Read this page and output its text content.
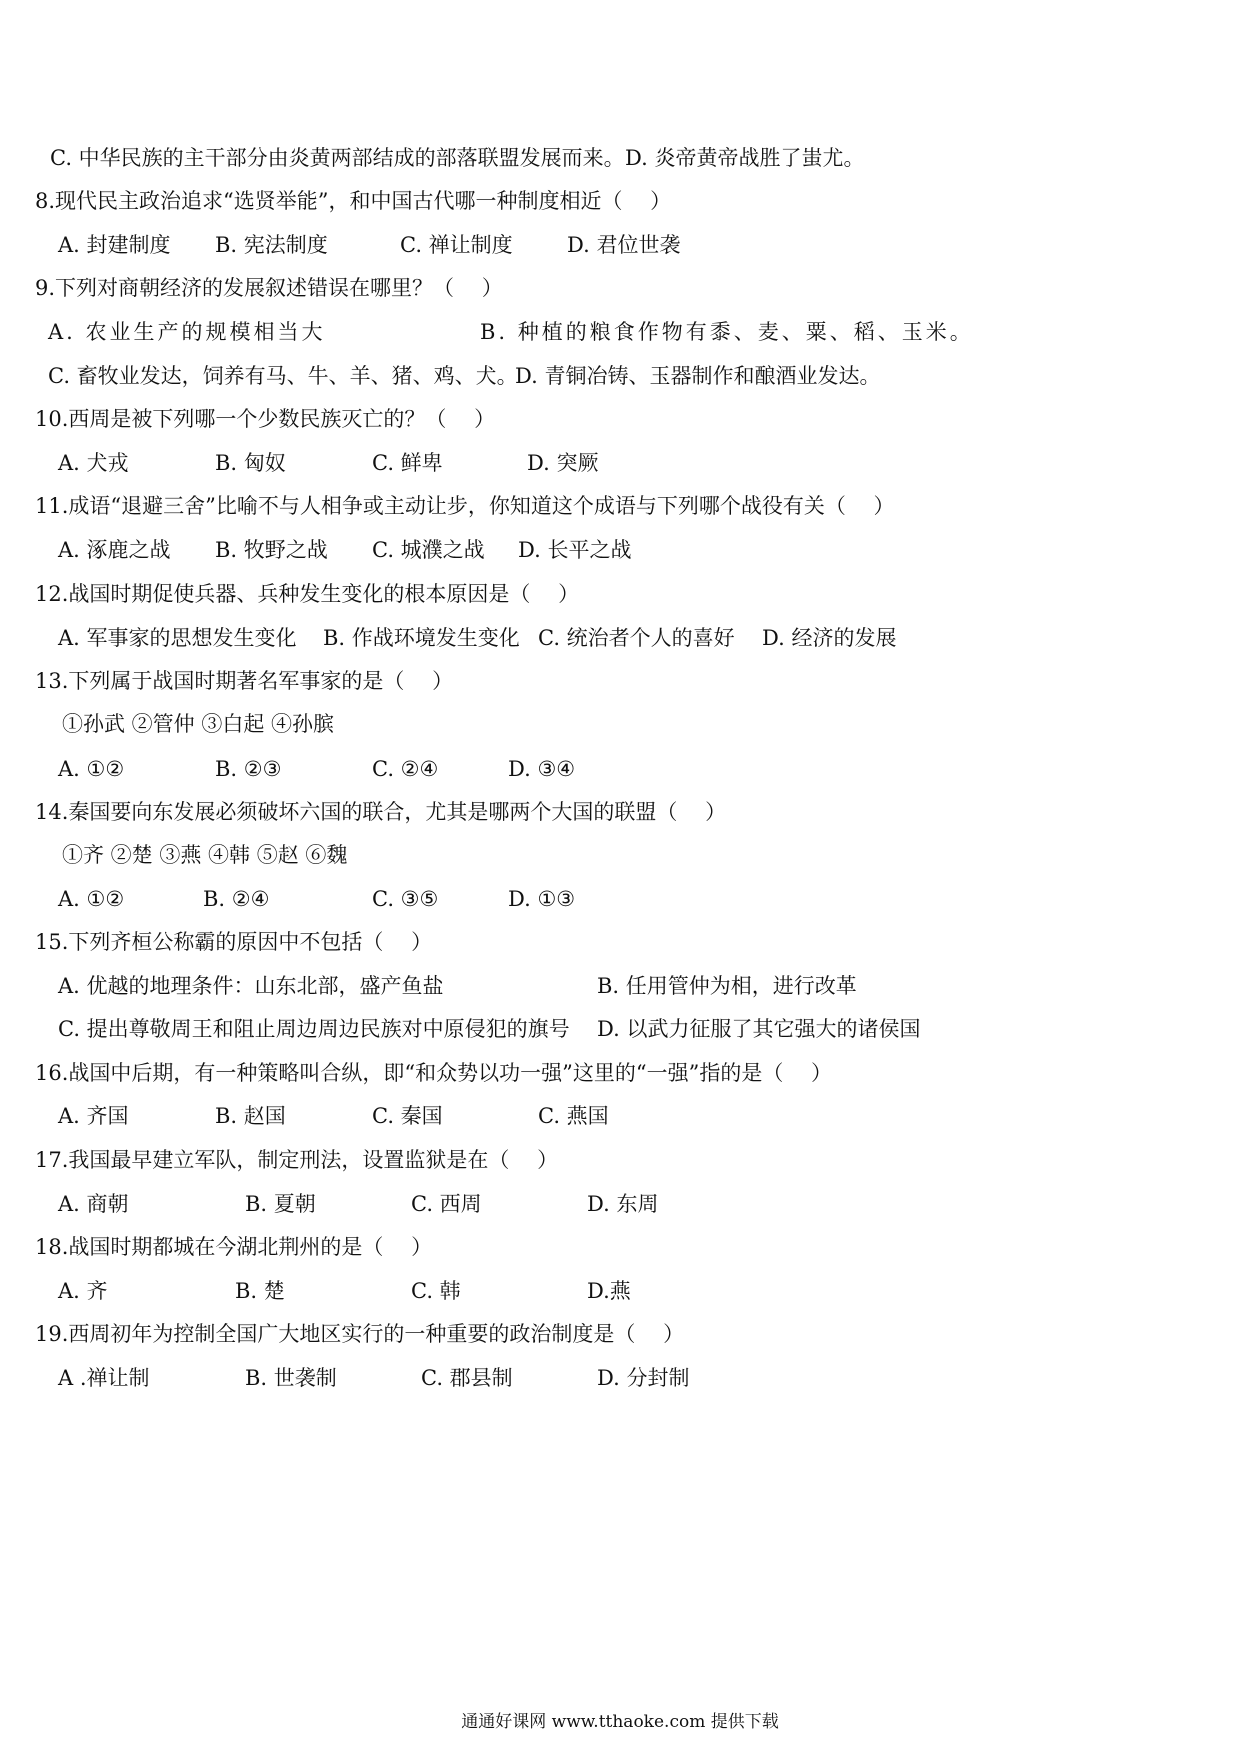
C. 中华民族的主干部分由炎黄两部结成的部落联盟发展而来。 D. 炎帝黄帝战胜了蚩尤。
8.现代民主政治追求“选贤举能”，和中国古代哪一种制度相近（　 ）
A. 封建制度 B. 宪法制度	C. 禅让制度	D. 君位世袭
9.下列对商朝经济的发展叙述错误在哪里？（　 ）
A. 农业生产的规模相当大	B. 种植的粮食作物有黍、麦、粟、稻、玉米。
C. 畜牧业发达，饲养有马、牛、羊、猪、鸡、犬。
D. 青铜冶铸、玉器制作和酿酒业发达。
10.西周是被下列哪一个少数民族灭亡的？（　 ）
A. 犬戎	B. 匈奴	C. 鲜卑	D. 突厥
11.成语“退避三舍”比喻不与人相争或主动让步，你知道这个成语与下列哪个战役有关（　 ）
A. 涿鹿之战 B. 牧野之战 C. 城濮之战 D. 长平之战
12.战国时期促使兵器、兵种发生变化的根本原因是（　 ）
A. 军事家的思想发生变化 B. 作战环境发生变化 C. 统治者个人的喜好 D. 经济的发展
13.下列属于战国时期著名军事家的是（　 ）
①孙武 ②管仲 ③白起 ④孙膑
A. ①②	B. ②③	C. ②④	D. ③④
14.秦国要向东发展必须破坏六国的联合，尤其是哪两个大国的联盟（　 ）
①齐 ②楚 ③燕 ④韩 ⑤赵 ⑥魏
A. ①②	B. ②④	C. ③⑤	D. ①③
15.下列齐桓公称霸的原因中不包括（　 ）
A. 优越的地理条件：山东北部，盛产鱼盐	B. 任用管仲为相，进行改革
C. 提出尊敬周王和阻止周边周边民族对中原侵犯的旗号 D. 以武力征服了其它强大的诸侯国
16.战国中后期，有一种策略叫合纵，即“和众势以功一强”这里的“一强”指的是（　 ）
A. 齐国	B. 赵国	C. 秦国	C. 燕国
17.我国最早建立军队，制定刑法，设置监狱是在（　 ）
A. 商朝	B. 夏朝	C. 西周	D. 东周
18.战国时期都城在今湖北荆州的是（　 ）
A. 齐	B. 楚	C. 韩	D.燕
19.西周初年为控制全国广大地区实行的一种重要的政治制度是（　 ）
A .禅让制	B. 世袭制	C. 郡县制	D. 分封制
通通好课网 www.tthaoke.com 提供下载
